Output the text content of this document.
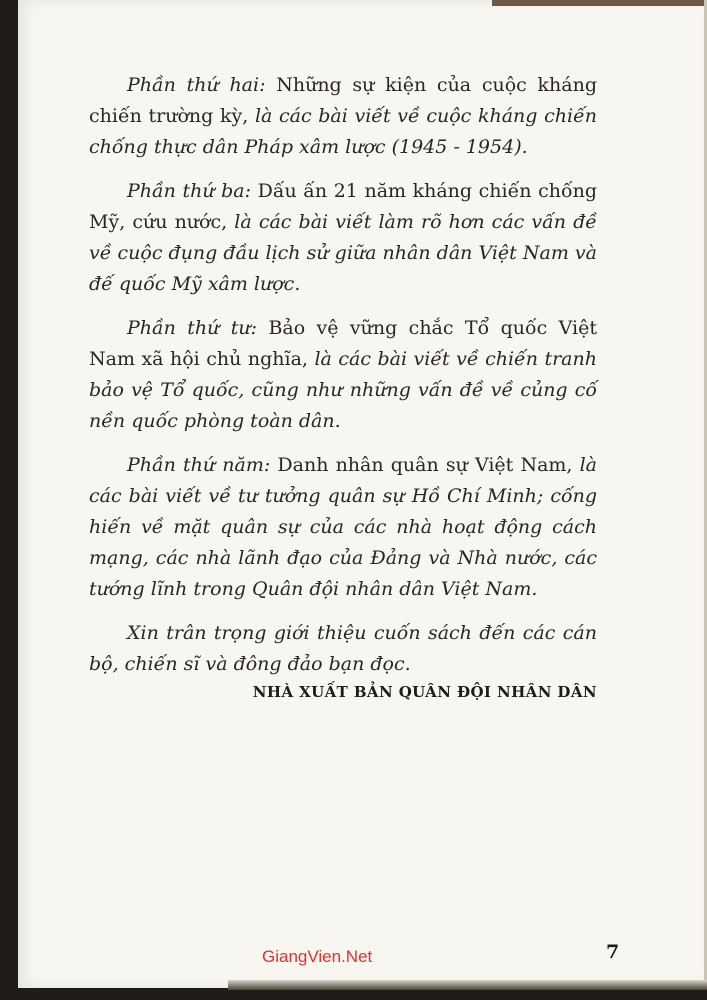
Phần thứ hai: Những sự kiện của cuộc kháng chiến trường kỳ, là các bài viết về cuộc kháng chiến chống thực dân Pháp xâm lược (1945 - 1954).

Phần thứ ba: Dấu ấn 21 năm kháng chiến chống Mỹ, cứu nước, là các bài viết làm rõ hơn các vấn đề về cuộc đụng đầu lịch sử giữa nhân dân Việt Nam và đế quốc Mỹ xâm lược.

Phần thứ tư: Bảo vệ vững chắc Tổ quốc Việt Nam xã hội chủ nghĩa, là các bài viết về chiến tranh bảo vệ Tổ quốc, cũng như những vấn đề về củng cố nền quốc phòng toàn dân.

Phần thứ năm: Danh nhân quân sự Việt Nam, là các bài viết về tư tưởng quân sự Hồ Chí Minh; cống hiến về mặt quân sự của các nhà hoạt động cách mạng, các nhà lãnh đạo của Đảng và Nhà nước, các tướng lĩnh trong Quân đội nhân dân Việt Nam.

Xin trân trọng giới thiệu cuốn sách đến các cán bộ, chiến sĩ và đông đảo bạn đọc.

NHÀ XUẤT BẢN QUÂN ĐỘI NHÂN DÂN

GiangVien.Net	7
